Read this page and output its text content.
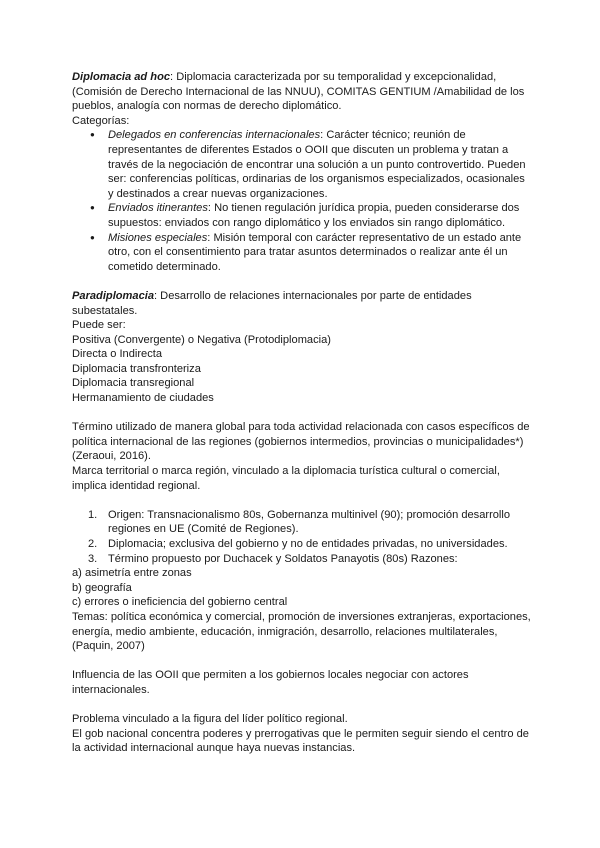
Diplomacia ad hoc: Diplomacia caracterizada por su temporalidad y excepcionalidad, (Comisión de Derecho Internacional de las NNUU), COMITAS GENTIUM /Amabilidad de los pueblos, analogía con normas de derecho diplomático.

Categorías:

● Delegados en conferencias internacionales: Carácter técnico; reunión de representantes de diferentes Estados o OOII que discuten un problema y tratan a través de la negociación de encontrar una solución a un punto controvertido. Pueden ser: conferencias políticas, ordinarias de los organismos especializados, ocasionales y destinados a crear nuevas organizaciones.
● Enviados itinerantes: No tienen regulación jurídica propia, pueden considerarse dos supuestos: enviados con rango diplomático y los enviados sin rango diplomático.
● Misiones especiales: Misión temporal con carácter representativo de un estado ante otro, con el consentimiento para tratar asuntos determinados o realizar ante él un cometido determinado.

Paradiplomacia: Desarrollo de relaciones internacionales por parte de entidades subestatales.

Puede ser:

Positiva (Convergente) o Negativa (Protodiplomacia)

Directa o Indirecta

Diplomacia transfronteriza

Diplomacia transregional

Hermanamiento de ciudades

Término utilizado de manera global para toda actividad relacionada con casos específicos de política internacional de las regiones (gobiernos intermedios, provincias o municipalidades*) (Zeraoui, 2016).

Marca territorial o marca región, vinculado a la diplomacia turística cultural o comercial, implica identidad regional.

1. Origen: Transnacionalismo 80s, Gobernanza multinivel (90); promoción desarrollo regiones en UE (Comité de Regiones).
2. Diplomacia; exclusiva del gobierno y no de entidades privadas, no universidades.
3. Término propuesto por Duchacek y Soldatos Panayotis (80s) Razones:

a) asimetría entre zonas

b) geografía

c) errores o ineficiencia del gobierno central

Temas: política económica y comercial, promoción de inversiones extranjeras, exportaciones, energía, medio ambiente, educación, inmigración, desarrollo, relaciones multilaterales, (Paquin, 2007)

Influencia de las OOII que permiten a los gobiernos locales negociar con actores internacionales.

Problema vinculado a la figura del líder político regional.

El gob nacional concentra poderes y prerrogativas que le permiten seguir siendo el centro de la actividad internacional aunque haya nuevas instancias.
